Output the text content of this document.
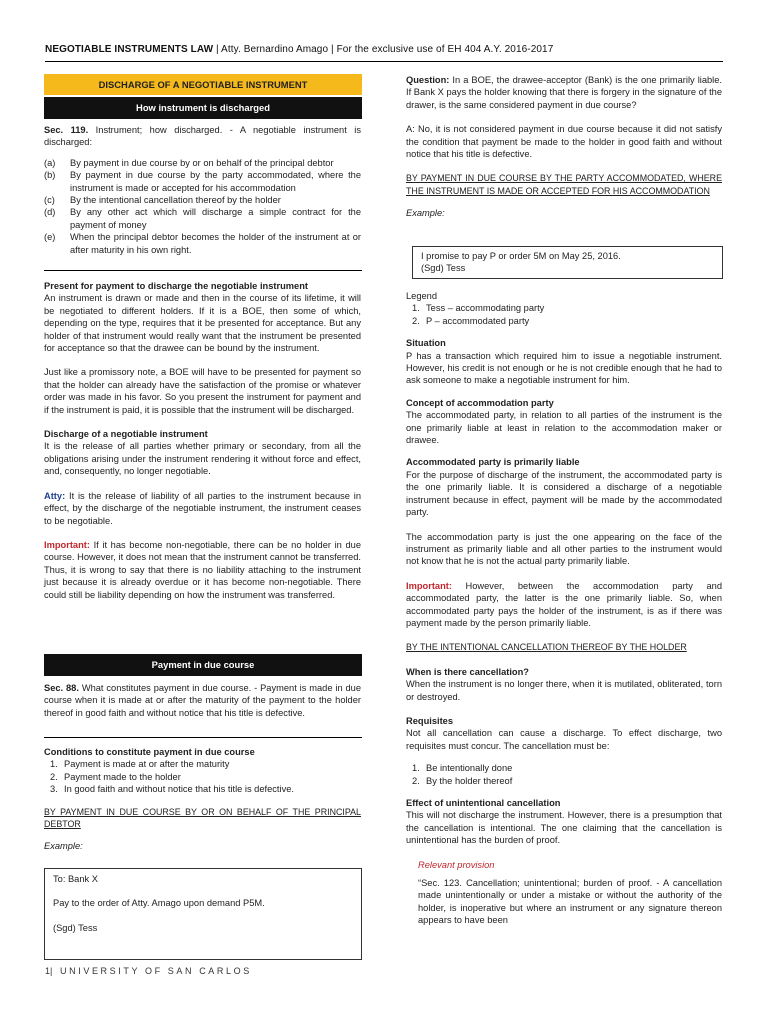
NEGOTIABLE INSTRUMENTS LAW | Atty. Bernardino Amago | For the exclusive use of EH 404 A.Y. 2016-2017
DISCHARGE OF A NEGOTIABLE INSTRUMENT
How instrument is discharged

Sec. 119. Instrument; how discharged. - A negotiable instrument is discharged:

(a) By payment in due course by or on behalf of the principal debtor
(b) By payment in due course by the party accommodated, where the instrument is made or accepted for his accommodation
(c) By the intentional cancellation thereof by the holder
(d) By any other act which will discharge a simple contract for the payment of money
(e) When the principal debtor becomes the holder of the instrument at or after maturity in his own right.

Present for payment to discharge the negotiable instrument

An instrument is drawn or made and then in the course of its lifetime, it will be negotiated to different holders. If it is a BOE, then some of which, depending on the type, requires that it be presented for acceptance. But any holder of that instrument would really want that the instrument be presented for acceptance so that the drawee can be bound by the instrument.

Just like a promissory note, a BOE will have to be presented for payment so that the holder can already have the satisfaction of the promise or whatever order was made in his favor. So you present the instrument for payment and if the instrument is paid, it is possible that the instrument will be discharged.

Discharge of a negotiable instrument

It is the release of all parties whether primary or secondary, from all the obligations arising under the instrument rendering it without force and effect, and, consequently, no longer negotiable.

Atty: It is the release of liability of all parties to the instrument because in effect, by the discharge of the negotiable instrument, the instrument ceases to be negotiable.

Important: If it has become non-negotiable, there can be no holder in due course. However, it does not mean that the instrument cannot be transferred. Thus, it is wrong to say that there is no liability attaching to the instrument just because it is already overdue or it has become non-negotiable. There could still be liability depending on how the instrument was transferred.

Payment in due course

Sec. 88. What constitutes payment in due course. - Payment is made in due course when it is made at or after the maturity of the payment to the holder thereof in good faith and without notice that his title is defective.

Conditions to constitute payment in due course

1. Payment is made at or after the maturity
2. Payment made to the holder
3. In good faith and without notice that his title is defective.

BY PAYMENT IN DUE COURSE BY OR ON BEHALF OF THE PRINCIPAL DEBTOR

Example:

To: Bank X

Pay to the order of Atty. Amago upon demand P5M.

(Sgd) Tess

Question: In a BOE, the drawee-acceptor (Bank) is the one primarily liable. If Bank X pays the holder knowing that there is forgery in the signature of the drawer, is the same considered payment in due course?

A: No, it is not considered payment in due course because it did not satisfy the condition that payment be made to the holder in good faith and without notice that his title is defective.

BY PAYMENT IN DUE COURSE BY THE PARTY ACCOMMODATED, WHERE THE INSTRUMENT IS MADE OR ACCEPTED FOR HIS ACCOMMODATION

Example:

I promise to pay P or order 5M on May 25, 2016.

(Sgd) Tess

Legend

1. Tess – accommodating party
2. P – accommodated party

Situation

P has a transaction which required him to issue a negotiable instrument. However, his credit is not enough or he is not credible enough that he had to ask someone to make a negotiable instrument for him.

Concept of accommodation party

The accommodated party, in relation to all parties of the instrument is the one primarily liable at least in relation to the accommodation maker or drawee.

Accommodated party is primarily liable

For the purpose of discharge of the instrument, the accommodated party is the one primarily liable. It is considered a discharge of a negotiable instrument because in effect, payment will be made by the accommodated party.

The accommodation party is just the one appearing on the face of the instrument as primarily liable and all other parties to the instrument would not know that he is not the actual party primarily liable.

Important: However, between the accommodation party and accommodated party, the latter is the one primarily liable. So, when accommodated party pays the holder of the instrument, is as if there was payment made by the person primarily liable.

BY THE INTENTIONAL CANCELLATION THEREOF BY THE HOLDER

When is there cancellation?

When the instrument is no longer there, when it is mutilated, obliterated, torn or destroyed.

Requisites

Not all cancellation can cause a discharge. To effect discharge, two requisites must concur. The cancellation must be:

1. Be intentionally done
2. By the holder thereof

Effect of unintentional cancellation

This will not discharge the instrument. However, there is a presumption that the cancellation is intentional. The one claiming that the cancellation is unintentional has the burden of proof.

Relevant provision

“Sec. 123. Cancellation; unintentional; burden of proof. - A cancellation made unintentionally or under a mistake or without the authority of the holder, is inoperative but where an instrument or any signature thereon appears to have been

1| UNIVERSITY OF SAN CARLOS
